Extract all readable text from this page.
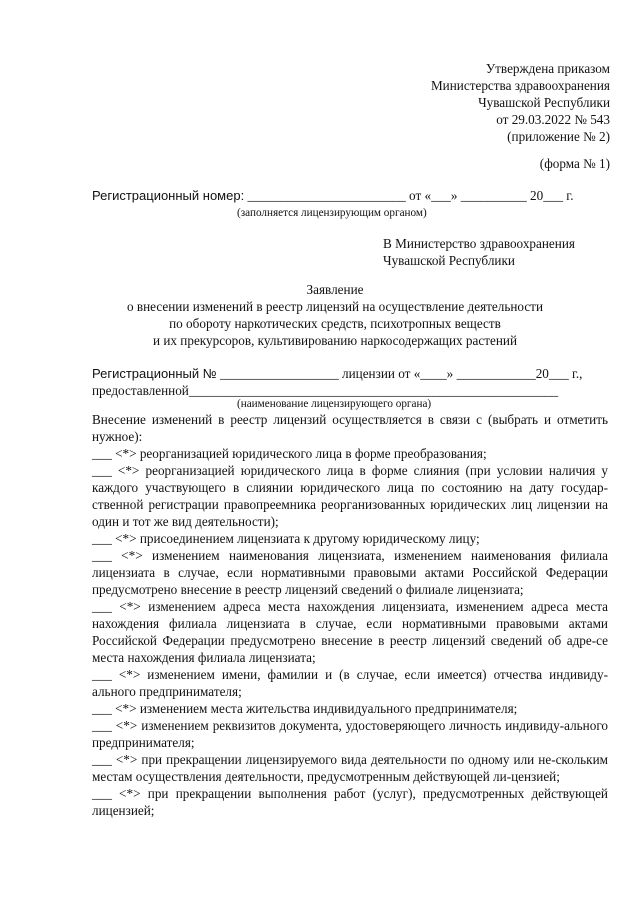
Утверждена приказом
Министерства здравоохранения
Чувашской Республики
от 29.03.2022 № 543
(приложение № 2)
(форма № 1)
Регистрационный номер: ________________________ от «___» __________ 20___ г.
(заполняется лицензирующим органом)
В Министерство здравоохранения
Чувашской Республики
Заявление
о внесении изменений в реестр лицензий на осуществление деятельности
по обороту наркотических средств, психотропных веществ
и их прекурсоров, культивированию наркосодержащих растений
Регистрационный № __________________ лицензии от «____» ____________20___ г.,
предоставленной________________________________________________________
(наименование лицензирующего органа)

Внесение изменений в реестр лицензий осуществляется в связи с (выбрать и отметить нужное):

___ <*> реорганизацией юридического лица в форме преобразования;

___ <*> реорганизацией юридического лица в форме слияния (при условии наличия у каждого участвующего в слиянии юридического лица по состоянию на дату государ-ственной регистрации правопреемника реорганизованных юридических лиц лицензии на один и тот же вид деятельности);

___ <*> присоединением лицензиата к другому юридическому лицу;

___ <*> изменением наименования лицензиата, изменением наименования филиала лицензиата в случае, если нормативными правовыми актами Российской Федерации предусмотрено внесение в реестр лицензий сведений о филиале лицензиата;

___ <*> изменением адреса места нахождения лицензиата, изменением адреса места нахождения филиала лицензиата в случае, если нормативными правовыми актами Российской Федерации предусмотрено внесение в реестр лицензий сведений об адре-се места нахождения филиала лицензиата;

___ <*> изменением имени, фамилии и (в случае, если имеется) отчества индивиду-ального предпринимателя;

___ <*> изменением места жительства индивидуального предпринимателя;

___ <*> изменением реквизитов документа, удостоверяющего личность индивиду-ального предпринимателя;

___ <*> при прекращении лицензируемого вида деятельности по одному или не-скольким местам осуществления деятельности, предусмотренным действующей ли-цензией;

___ <*> при прекращении выполнения работ (услуг), предусмотренных действующей лицензией;
